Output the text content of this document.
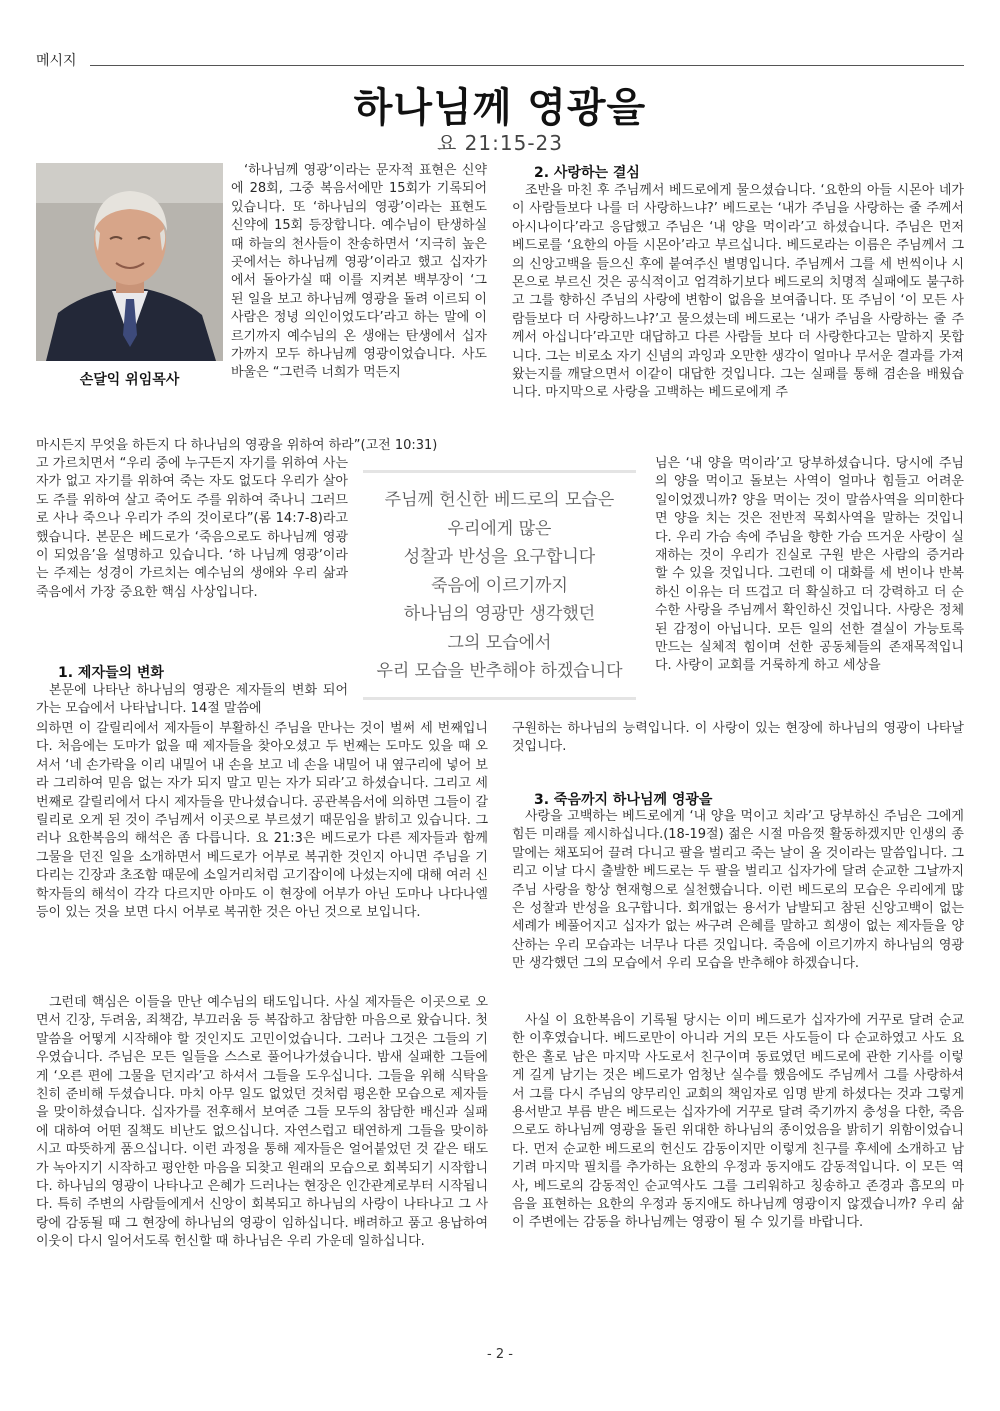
메시지
하나님께 영광을
요 21:15-23
손달익 위임목사

‘하나님께 영광’이라는 문자적 표현은 신약에 28회, 그중 복음서에만 15회가 기록되어 있습니다. 또 ‘하나님의 영광’이라는 표현도 신약에 15회 등장합니다. 예수님이 탄생하실 때 하늘의 천사들이 찬송하면서 ‘지극히 높은 곳에서는 하나님께 영광’이라고 했고 십자가에서 돌아가실 때 이를 지켜본 백부장이 ‘그 된 일을 보고 하나님께 영광을 돌려 이르되 이 사람은 정녕 의인이었도다’라고 하는 말에 이르기까지 예수님의 온 생애는 탄생에서 십자가까지 모두 하나님께 영광이었습니다. 사도 바울은 “그런즉 너희가 먹든지

마시든지 무엇을 하든지 다 하나님의 영광을 위하여 하라”(고전 10:31)

고 가르치면서 “우리 중에 누구든지 자기를 위하여 사는 자가 없고 자기를 위하여 죽는 자도 없도다 우리가 살아도 주를 위하여 살고 죽어도 주를 위하여 죽나니 그러므로 사나 죽으나 우리가 주의 것이로다”(롬 14:7-8)라고 했습니다. 본문은 베드로가 ‘죽음으로도 하나님께 영광이 되었음’을 설명하고 있습니다. ‘하 나님께 영광’이라는 주제는 성경이 가르치는 예수님의 생애와 우리 삶과 죽음에서 가장 중요한 핵심 사상입니다.

1. 제자들의 변화

본문에 나타난 하나님의 영광은 제자들의 변화 되어가는 모습에서 나타납니다. 14절 말씀에

의하면 이 갈릴리에서 제자들이 부활하신 주님을 만나는 것이 벌써 세 번째입니다. 처음에는 도마가 없을 때 제자들을 찾아오셨고 두 번째는 도마도 있을 때 오셔서 ‘네 손가락을 이리 내밀어 내 손을 보고 네 손을 내밀어 내 옆구리에 넣어 보라 그리하여 믿음 없는 자가 되지 말고 믿는 자가 되라’고 하셨습니다. 그리고 세 번째로 갈릴리에서 다시 제자들을 만나셨습니다. 공관복음서에 의하면 그들이 갈릴리로 오게 된 것이 주님께서 이곳으로 부르셨기 때문임을 밝히고 있습니다. 그러나 요한복음의 해석은 좀 다릅니다. 요 21:3은 베드로가 다른 제자들과 함께 그물을 던진 일을 소개하면서 베드로가 어부로 복귀한 것인지 아니면 주님을 기다리는 긴장과 초조함 때문에 소일거리처럼 고기잡이에 나섰는지에 대해 여러 신학자들의 해석이 각각 다르지만 아마도 이 현장에 어부가 아닌 도마나 나다나엘 등이 있는 것을 보면 다시 어부로 복귀한 것은 아닌 것으로 보입니다.

그런데 핵심은 이들을 만난 예수님의 태도입니다. 사실 제자들은 이곳으로 오면서 긴장, 두려움, 죄책감, 부끄러움 등 복잡하고 참담한 마음으로 왔습니다. 첫 말씀을 어떻게 시작해야 할 것인지도 고민이었습니다. 그러나 그것은 그들의 기우였습니다. 주님은 모든 일들을 스스로 풀어나가셨습니다. 밤새 실패한 그들에게 ‘오른 편에 그물을 던지라’고 하셔서 그들을 도우십니다. 그들을 위해 식탁을 친히 준비해 두셨습니다. 마치 아무 일도 없었던 것처럼 평온한 모습으로 제자들을 맞이하셨습니다. 십자가를 전후해서 보여준 그들 모두의 참담한 배신과 실패에 대하여 어떤 질책도 비난도 없으십니다. 자연스럽고 태연하게 그들을 맞이하시고 따뜻하게 품으십니다. 이런 과정을 통해 제자들은 얼어붙었던 것 같은 태도가 녹아지기 시작하고 평안한 마음을 되찾고 원래의 모습으로 회복되기 시작합니다. 하나님의 영광이 나타나고 은혜가 드러나는 현장은 인간관계로부터 시작됩니다. 특히 주변의 사람들에게서 신앙이 회복되고 하나님의 사랑이 나타나고 그 사랑에 감동될 때 그 현장에 하나님의 영광이 임하십니다. 배려하고 품고 용납하여 이웃이 다시 일어서도록 헌신할 때 하나님은 우리 가운데 일하십니다.

주님께 헌신한 베드로의 모습은
우리에게 많은
성찰과 반성을 요구합니다
죽음에 이르기까지
하나님의 영광만 생각했던
그의 모습에서
우리 모습을 반추해야 하겠습니다
2. 사랑하는 결심

조반을 마친 후 주님께서 베드로에게 물으셨습니다. ‘요한의 아들 시몬아 네가 이 사람들보다 나를 더 사랑하느냐?’ 베드로는 ‘내가 주님을 사랑하는 줄 주께서 아시나이다’라고 응답했고 주님은 ‘내 양을 먹이라’고 하셨습니다. 주님은 먼저 베드로를 ‘요한의 아들 시몬아’라고 부르십니다. 베드로라는 이름은 주님께서 그의 신앙고백을 들으신 후에 붙여주신 별명입니다. 주님께서 그를 세 번씩이나 시몬으로 부르신 것은 공식적이고 엄격하기보다 베드로의 치명적 실패에도 불구하고 그를 향하신 주님의 사랑에 변함이 없음을 보여줍니다. 또 주님이 ‘이 모든 사람들보다 더 사랑하느냐?’고 물으셨는데 베드로는 ‘내가 주님을 사랑하는 줄 주께서 아십니다’라고만 대답하고 다른 사람들 보다 더 사랑한다고는 말하지 못합니다. 그는 비로소 자기 신념의 과잉과 오만한 생각이 얼마나 무서운 결과를 가져왔는지를 깨달으면서 이같이 대답한 것입니다. 그는 실패를 통해 겸손을 배웠습니다. 마지막으로 사랑을 고백하는 베드로에게 주

님은 ‘내 양을 먹이라’고 당부하셨습니다. 당시에 주님의 양을 먹이고 돌보는 사역이 얼마나 힘들고 어려운 일이었겠니까? 양을 먹이는 것이 말씀사역을 의미한다면 양을 치는 것은 전반적 목회사역을 말하는 것입니다. 우리 가슴 속에 주님을 향한 가슴 뜨거운 사랑이 실재하는 것이 우리가 진실로 구원 받은 사람의 증거라 할 수 있을 것입니다. 그런데 이 대화를 세 번이나 반복하신 이유는 더 뜨겁고 더 확실하고 더 강력하고 더 순수한 사랑을 주님께서 확인하신 것입니다. 사랑은 정체된 감정이 아닙니다. 모든 일의 선한 결실이 가능토록 만드는 실체적 힘이며 선한 공동체들의 존재목적입니다. 사랑이 교회를 거룩하게 하고 세상을

구원하는 하나님의 능력입니다. 이 사랑이 있는 현장에 하나님의 영광이 나타날 것입니다.

3. 죽음까지 하나님께 영광을

사랑을 고백하는 베드로에게 ‘내 양을 먹이고 치라’고 당부하신 주님은 그에게 힘든 미래를 제시하십니다.(18-19절) 젊은 시절 마음껏 활동하겠지만 인생의 종말에는 채포되어 끌려 다니고 팔을 벌리고 죽는 날이 올 것이라는 말씀입니다. 그리고 이날 다시 출발한 베드로는 두 팔을 벌리고 십자가에 달려 순교한 그날까지 주님 사랑을 항상 현재형으로 실천했습니다. 이런 베드로의 모습은 우리에게 많은 성찰과 반성을 요구합니다. 회개없는 용서가 남발되고 참된 신앙고백이 없는 세례가 베풀어지고 십자가 없는 싸구려 은혜를 말하고 희생이 없는 제자들을 양산하는 우리 모습과는 너무나 다른 것입니다. 죽음에 이르기까지 하나님의 영광만 생각했던 그의 모습에서 우리 모습을 반추해야 하겠습니다.

사실 이 요한복음이 기록될 당시는 이미 베드로가 십자가에 거꾸로 달려 순교한 이후였습니다. 베드로만이 아니라 거의 모든 사도들이 다 순교하였고 사도 요한은 홀로 남은 마지막 사도로서 친구이며 동료였던 베드로에 관한 기사를 이렇게 길게 남기는 것은 베드로가 엄청난 실수를 했음에도 주님께서 그를 사랑하셔서 그를 다시 주님의 양무리인 교회의 책임자로 임명 받게 하셨다는 것과 그렇게 용서받고 부름 받은 베드로는 십자가에 거꾸로 달려 죽기까지 충성을 다한, 죽음으로도 하나님께 영광을 돌린 위대한 하나님의 종이었음을 밝히기 위함이었습니다. 먼저 순교한 베드로의 헌신도 감동이지만 이렇게 친구를 후세에 소개하고 남기려 마지막 필치를 추가하는 요한의 우정과 동지애도 감동적입니다. 이 모든 역사, 베드로의 감동적인 순교역사도 그를 그리워하고 칭송하고 존경과 흠모의 마음을 표현하는 요한의 우정과 동지애도 하나님께 영광이지 않겠습니까? 우리 삶이 주변에는 감동을 하나님께는 영광이 될 수 있기를 바랍니다.

- 2 -
